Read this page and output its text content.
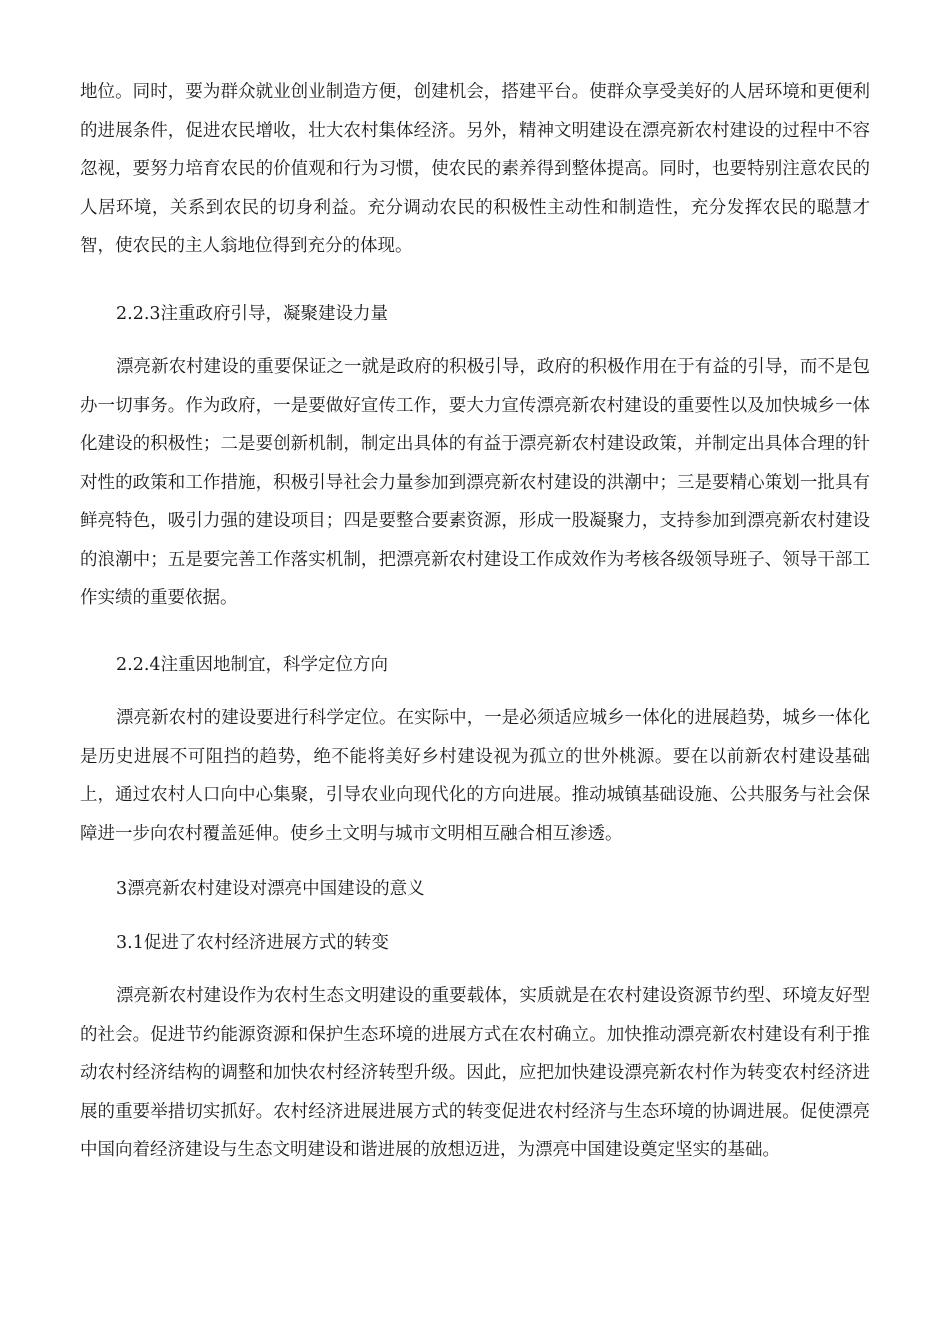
地位。同时，要为群众就业创业制造方便，创建机会，搭建平台。使群众享受美好的人居环境和更便利的进展条件，促进农民增收，壮大农村集体经济。另外，精神文明建设在漂亮新农村建设的过程中不容忽视，要努力培育农民的价值观和行为习惯，使农民的素养得到整体提高。同时，也要特别注意农民的人居环境，关系到农民的切身利益。充分调动农民的积极性主动性和制造性，充分发挥农民的聪慧才智，使农民的主人翁地位得到充分的体现。

2.2.3注重政府引导，凝聚建设力量

漂亮新农村建设的重要保证之一就是政府的积极引导，政府的积极作用在于有益的引导，而不是包办一切事务。作为政府，一是要做好宣传工作，要大力宣传漂亮新农村建设的重要性以及加快城乡一体化建设的积极性；二是要创新机制，制定出具体的有益于漂亮新农村建设政策，并制定出具体合理的针对性的政策和工作措施，积极引导社会力量参加到漂亮新农村建设的洪潮中；三是要精心策划一批具有鲜亮特色，吸引力强的建设项目；四是要整合要素资源，形成一股凝聚力，支持参加到漂亮新农村建设的浪潮中；五是要完善工作落实机制，把漂亮新农村建设工作成效作为考核各级领导班子、领导干部工作实绩的重要依据。

2.2.4注重因地制宜，科学定位方向

漂亮新农村的建设要进行科学定位。在实际中，一是必须适应城乡一体化的进展趋势，城乡一体化是历史进展不可阻挡的趋势，绝不能将美好乡村建设视为孤立的世外桃源。要在以前新农村建设基础上，通过农村人口向中心集聚，引导农业向现代化的方向进展。推动城镇基础设施、公共服务与社会保障进一步向农村覆盖延伸。使乡土文明与城市文明相互融合相互渗透。

3漂亮新农村建设对漂亮中国建设的意义

3.1促进了农村经济进展方式的转变

漂亮新农村建设作为农村生态文明建设的重要载体，实质就是在农村建设资源节约型、环境友好型的社会。促进节约能源资源和保护生态环境的进展方式在农村确立。加快推动漂亮新农村建设有利于推动农村经济结构的调整和加快农村经济转型升级。因此，应把加快建设漂亮新农村作为转变农村经济进展的重要举措切实抓好。农村经济进展进展方式的转变促进农村经济与生态环境的协调进展。促使漂亮中国向着经济建设与生态文明建设和谐进展的放想迈进，为漂亮中国建设奠定坚实的基础。
